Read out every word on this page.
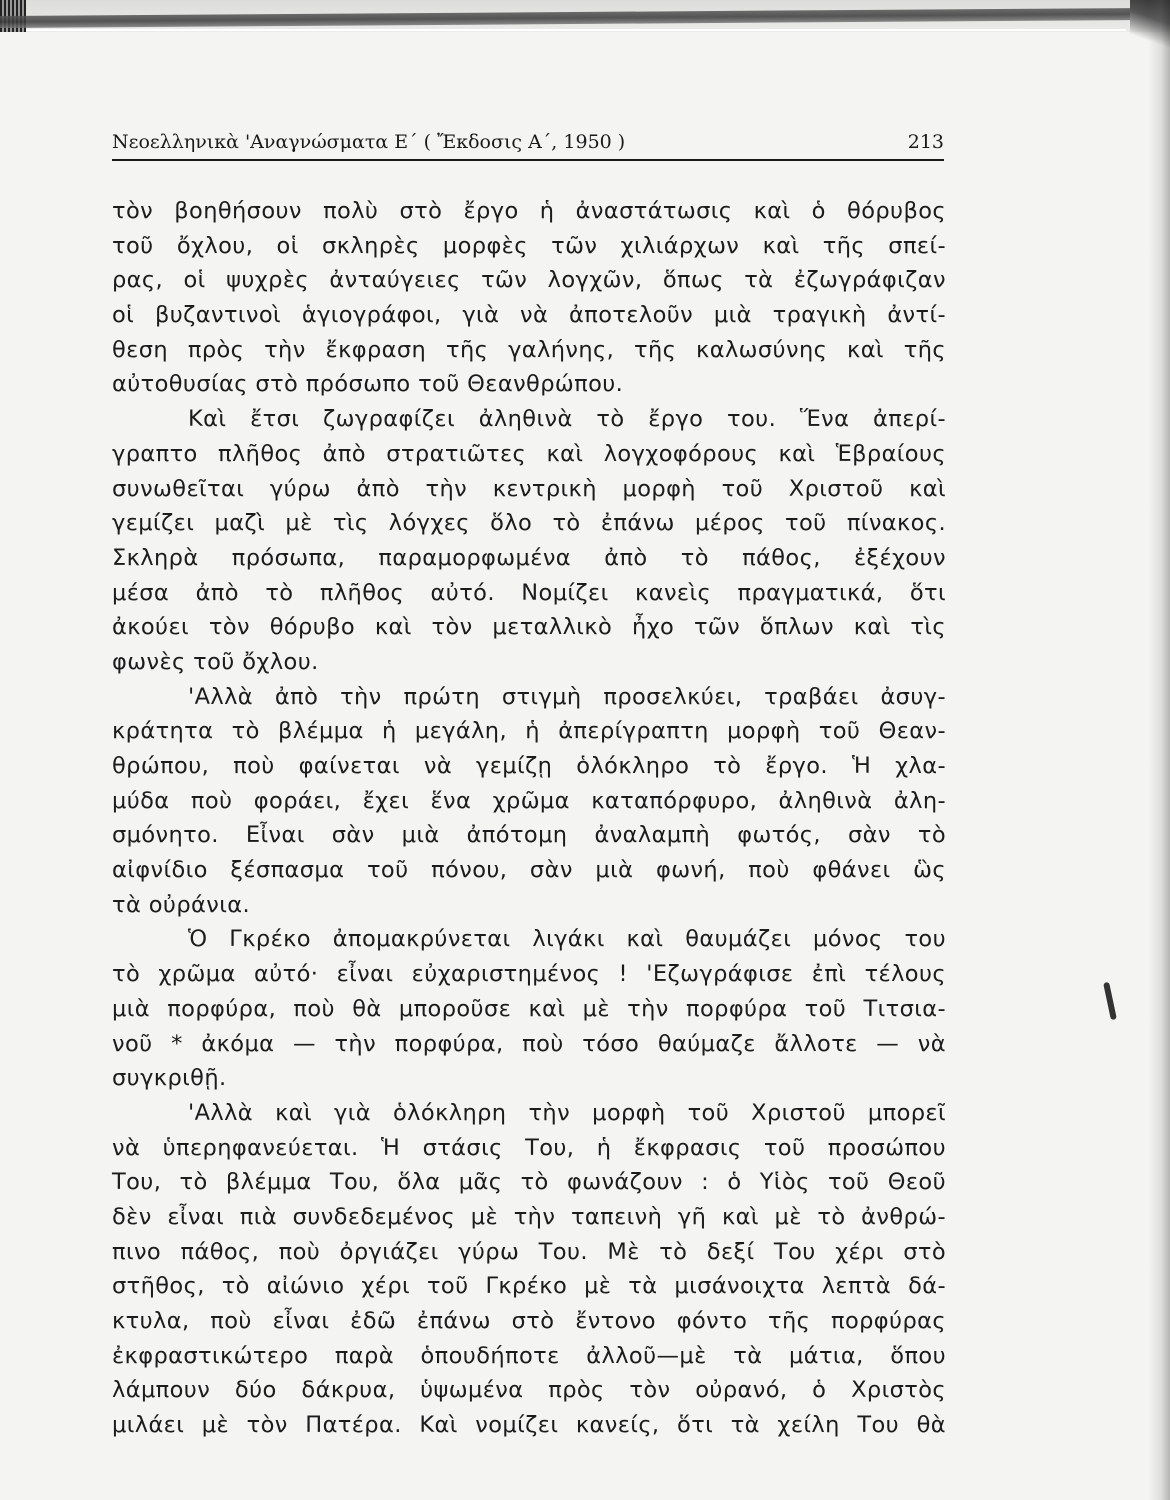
Νεοελληνικὰ 'Αναγνώσματα Ε΄ ( Ἔκδοσις Α΄, 1950 )	213
τὸν βοηθήσουν πολὺ στὸ ἔργο ἡ ἀναστάτωσις καὶ ὁ θόρυβος
τοῦ ὄχλου, οἱ σκληρὲς μορφὲς τῶν χιλιάρχων καὶ τῆς σπεί-
ρας, οἱ ψυχρὲς ἀνταύγειες τῶν λογχῶν, ὅπως τὰ ἐζωγράφιζαν
οἱ βυζαντινοὶ ἁγιογράφοι, γιὰ νὰ ἀποτελοῦν μιὰ τραγικὴ ἀντί-
θεση πρὸς τὴν ἔκφραση τῆς γαλήνης, τῆς καλωσύνης καὶ τῆς
αὐτοθυσίας στὸ πρόσωπο τοῦ Θεανθρώπου.
Καὶ ἔτσι ζωγραφίζει ἀληθινὰ τὸ ἔργο του. Ἕνα ἀπερί-
γραπτο πλῆθος ἀπὸ στρατιῶτες καὶ λογχοφόρους καὶ Ἑβραίους
συνωθεῖται γύρω ἀπὸ τὴν κεντρικὴ μορφὴ τοῦ Χριστοῦ καὶ
γεμίζει μαζὶ μὲ τὶς λόγχες ὅλο τὸ ἐπάνω μέρος τοῦ πίνακος.
Σκληρὰ πρόσωπα, παραμορφωμένα ἀπὸ τὸ πάθος, ἐξέχουν
μέσα ἀπὸ τὸ πλῆθος αὐτό. Νομίζει κανεὶς πραγματικά, ὅτι
ἀκούει τὸν θόρυβο καὶ τὸν μεταλλικὸ ἦχο τῶν ὅπλων καὶ τὶς
φωνὲς τοῦ ὄχλου.
'Αλλὰ ἀπὸ τὴν πρώτη στιγμὴ προσελκύει, τραβάει ἀσυγ-
κράτητα τὸ βλέμμα ἡ μεγάλη, ἡ ἀπερίγραπτη μορφὴ τοῦ Θεαν-
θρώπου, ποὺ φαίνεται νὰ γεμίζῃ ὁλόκληρο τὸ ἔργο. Ἡ χλα-
μύδα ποὺ φοράει, ἔχει ἕνα χρῶμα καταπόρφυρο, ἀληθινὰ ἀλη-
σμόνητο. Εἶναι σὰν μιὰ ἀπότομη ἀναλαμπὴ φωτός, σὰν τὸ
αἰφνίδιο ξέσπασμα τοῦ πόνου, σὰν μιὰ φωνή, ποὺ φθάνει ὣς
τὰ οὐράνια.
Ὁ Γκρέκο ἀπομακρύνεται λιγάκι καὶ θαυμάζει μόνος του
τὸ χρῶμα αὐτό· εἶναι εὐχαριστημένος ! 'Εζωγράφισε ἐπὶ τέλους
μιὰ πορφύρα, ποὺ θὰ μποροῦσε καὶ μὲ τὴν πορφύρα τοῦ Τιτσια-
νοῦ * ἀκόμα — τὴν πορφύρα, ποὺ τόσο θαύμαζε ἄλλοτε — νὰ
συγκριθῇ.
'Αλλὰ καὶ γιὰ ὁλόκληρη τὴν μορφὴ τοῦ Χριστοῦ μπορεῖ
νὰ ὑπερηφανεύεται. Ἡ στάσις Του, ἡ ἔκφρασις τοῦ προσώπου
Του, τὸ βλέμμα Του, ὅλα μᾶς τὸ φωνάζουν : ὁ Υἱὸς τοῦ Θεοῦ
δὲν εἶναι πιὰ συνδεδεμένος μὲ τὴν ταπεινὴ γῆ καὶ μὲ τὸ ἀνθρώ-
πινο πάθος, ποὺ ὀργιάζει γύρω Του. Μὲ τὸ δεξί Του χέρι στὸ
στῆθος, τὸ αἰώνιο χέρι τοῦ Γκρέκο μὲ τὰ μισάνοιχτα λεπτὰ δά-
κτυλα, ποὺ εἶναι ἐδῶ ἐπάνω στὸ ἔντονο φόντο τῆς πορφύρας
ἐκφραστικώτερο παρὰ ὁπουδήποτε ἀλλοῦ—μὲ τὰ μάτια, ὅπου
λάμπουν δύο δάκρυα, ὑψωμένα πρὸς τὸν οὐρανό, ὁ Χριστὸς
μιλάει μὲ τὸν Πατέρα. Καὶ νομίζει κανείς, ὅτι τὰ χείλη Του θὰ
